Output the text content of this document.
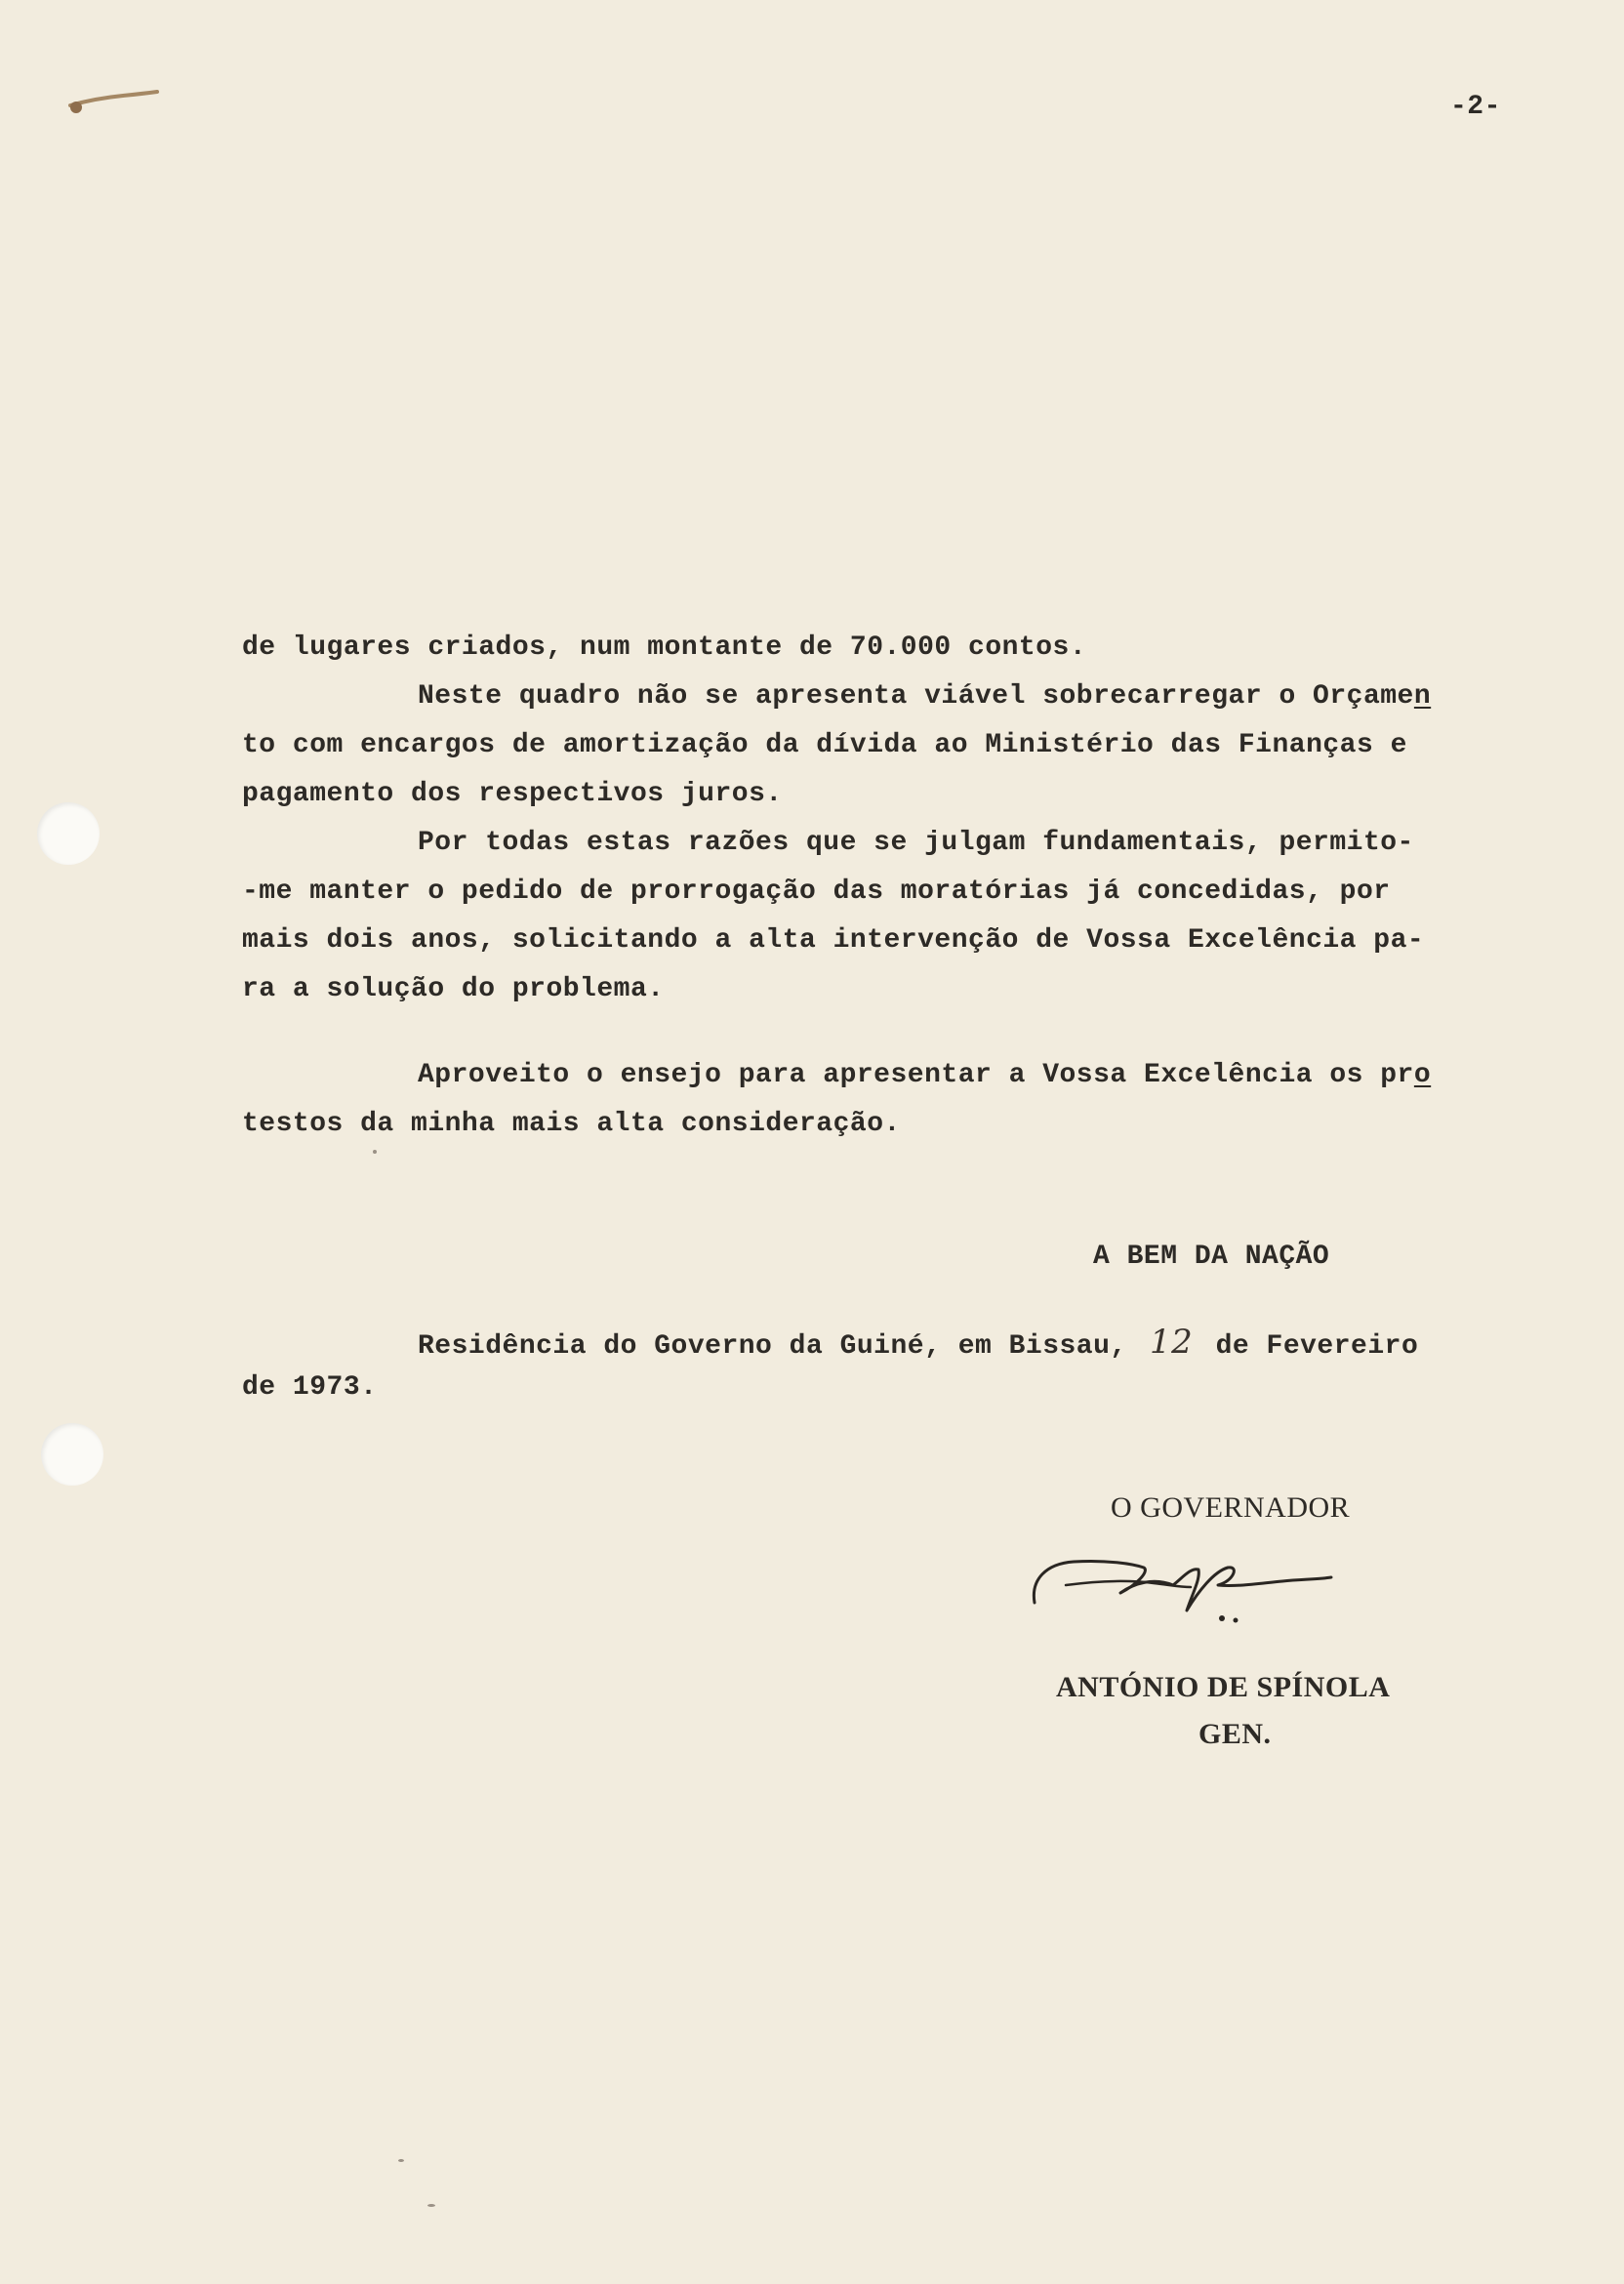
-2-
de lugares criados, num montante de 70.000 contos.
Neste quadro não se apresenta viável sobrecarregar o Orçamen
to com encargos de amortização da dívida ao Ministério das Finanças e
pagamento dos respectivos juros.
Por todas estas razões que se julgam fundamentais, permito-
-me manter o pedido de prorrogação das moratórias já concedidas, por
mais dois anos, solicitando a alta intervenção de Vossa Excelência pa-
ra a solução do problema.
Aproveito o ensejo para apresentar a Vossa Excelência os pro
testos da minha mais alta consideração.
A BEM DA NAÇÃO
Residência do Governo da Guiné, em Bissau, 12 de Fevereiro
de 1973.
O GOVERNADOR
ANTÓNIO DE SPÍNOLA
GEN.
